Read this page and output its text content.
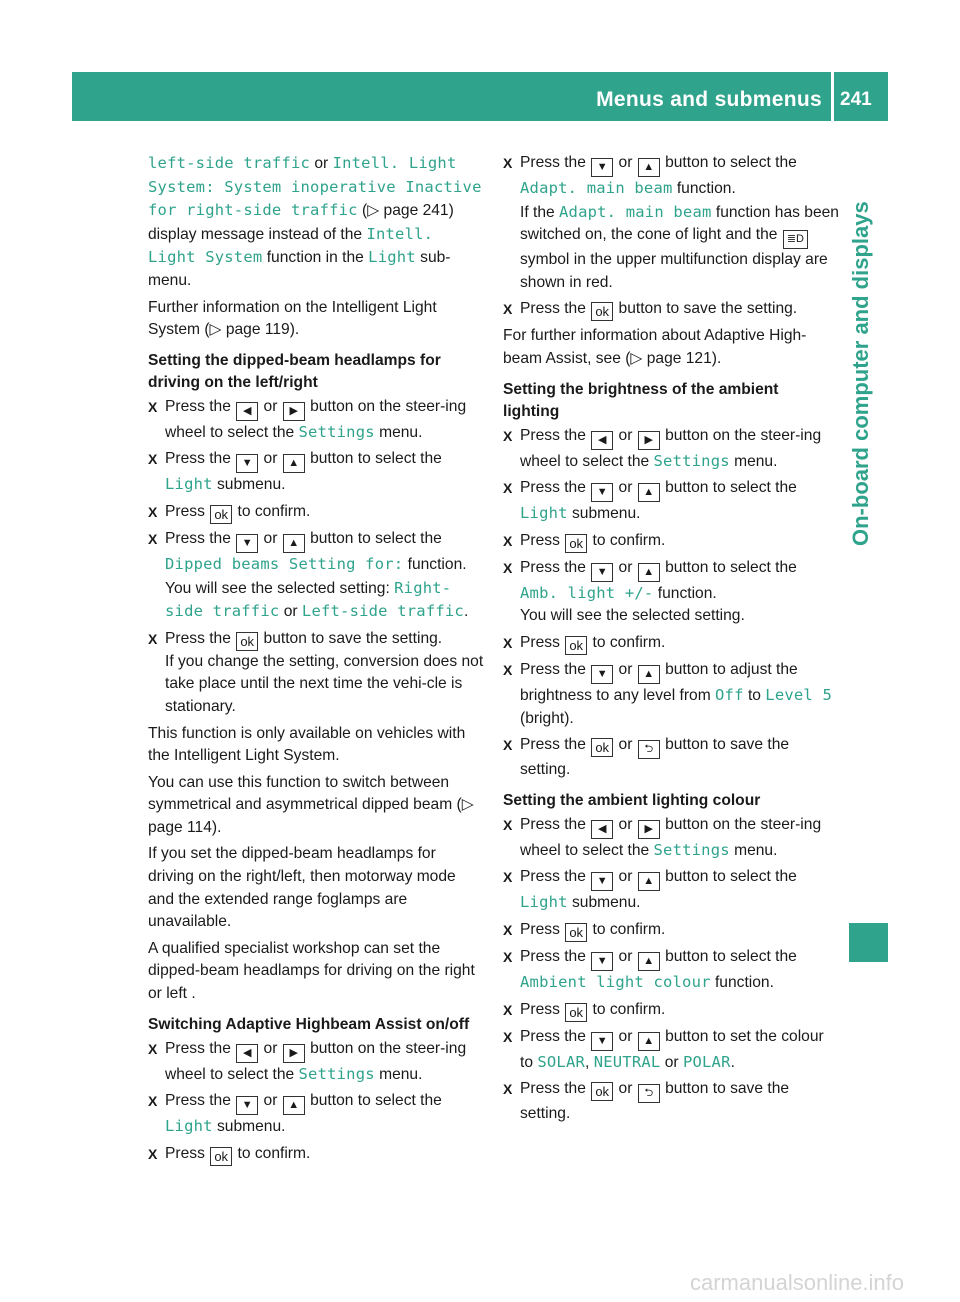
Menus and submenus 241
On-board computer and displays

left-side traffic or Intell. Light System: System inoperative Inactive for right-side traffic (▷ page 241) display message instead of the Intell. Light System function in the Light sub-menu.

Further information on the Intelligent Light System (▷ page 119).

Setting the dipped-beam headlamps for driving on the left/right
X Press the ◀ or ▶ button on the steer-ing wheel to select the Settings menu.
X Press the ▼ or ▲ button to select the Light submenu.
X Press ok to confirm.
X Press the ▼ or ▲ button to select the Dipped beams Setting for: function.
You will see the selected setting: Right-side traffic or Left-side traffic.
X Press the ok button to save the setting.
If you change the setting, conversion does not take place until the next time the vehi-cle is stationary.

This function is only available on vehicles with the Intelligent Light System.

You can use this function to switch between symmetrical and asymmetrical dipped beam (▷ page 114).

If you set the dipped-beam headlamps for driving on the right/left, then motorway mode and the extended range foglamps are unavailable.

A qualified specialist workshop can set the dipped-beam headlamps for driving on the right or left .

Switching Adaptive Highbeam Assist on/off
X Press the ◀ or ▶ button on the steer-ing wheel to select the Settings menu.
X Press the ▼ or ▲ button to select the Light submenu.
X Press ok to confirm.
X Press the ▼ or ▲ button to select the Adapt. main beam function.
If the Adapt. main beam function has been switched on, the cone of light and the ≣D symbol in the upper multifunction display are shown in red.
X Press the ok button to save the setting.

For further information about Adaptive High-beam Assist, see (▷ page 121).

Setting the brightness of the ambient lighting
X Press the ◀ or ▶ button on the steer-ing wheel to select the Settings menu.
X Press the ▼ or ▲ button to select the Light submenu.
X Press ok to confirm.
X Press the ▼ or ▲ button to select the Amb. light +/- function.
You will see the selected setting.
X Press ok to confirm.
X Press the ▼ or ▲ button to adjust the brightness to any level from Off to Level 5 (bright).
X Press the ok or ⮌ button to save the setting.
Setting the ambient lighting colour
X Press the ◀ or ▶ button on the steer-ing wheel to select the Settings menu.
X Press the ▼ or ▲ button to select the Light submenu.
X Press ok to confirm.
X Press the ▼ or ▲ button to select the Ambient light colour function.
X Press ok to confirm.
X Press the ▼ or ▲ button to set the colour to SOLAR, NEUTRAL or POLAR.
X Press the ok or ⮌ button to save the setting.
carmanualsonline.info
